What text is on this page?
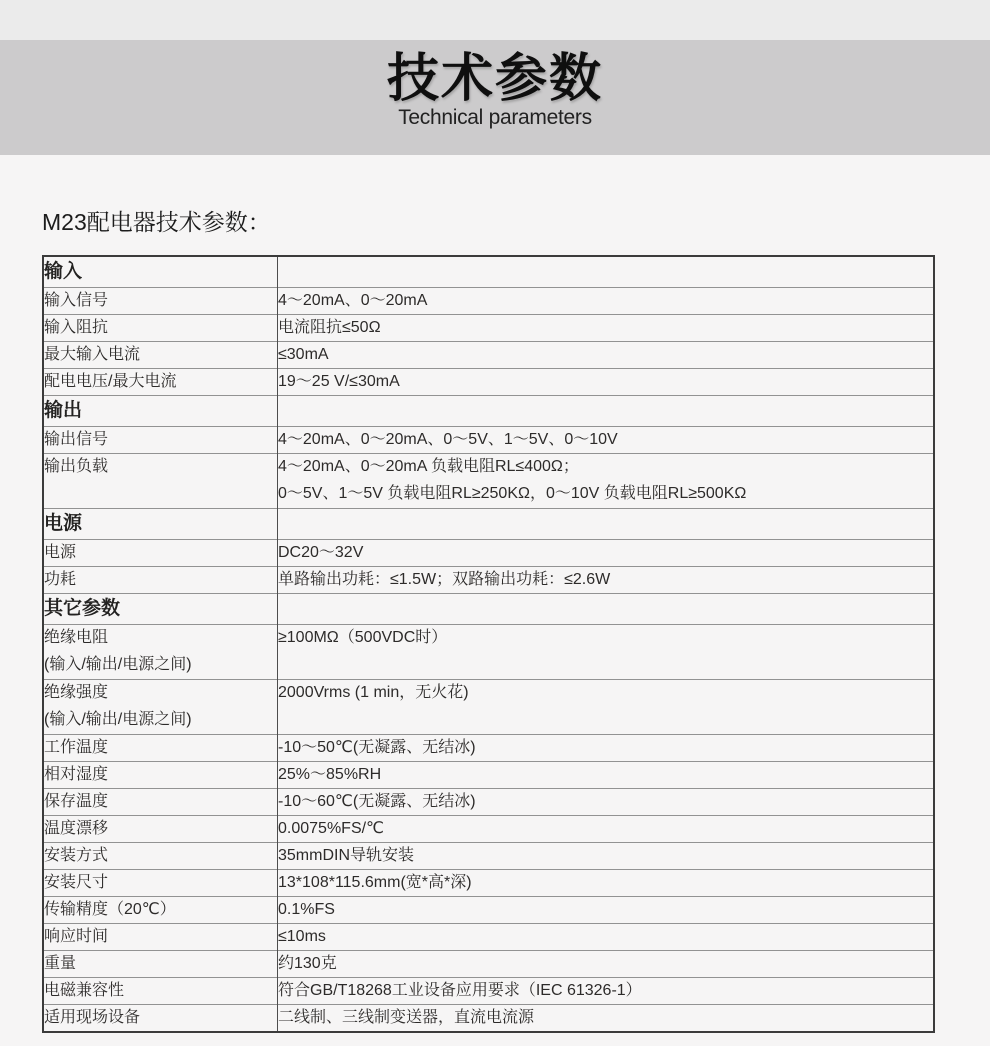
技术参数
Technical parameters
M23配电器技术参数：
输入	
输入信号	4～20mA、0～20mA
输入阻抗	电流阻抗≤50Ω
最大输入电流	≤30mA
配电电压/最大电流	19～25 V/≤30mA
输出	
输出信号	4～20mA、0～20mA、0～5V、1～5V、0～10V

输出负载	4～20mA、0～20mA 负载电阻RL≤400Ω；
0～5V、1～5V 负载电阻RL≥250KΩ，0～10V 负载电阻RL≥500KΩ

电源	
电源	DC20～32V
功耗	单路输出功耗：≤1.5W；双路输出功耗：≤2.6W
其它参数	

绝缘电阻
(输入/输出/电源之间)	≥100MΩ（500VDC时）

绝缘强度
(输入/输出/电源之间)	2000Vrms (1 min，无火花)

工作温度	-10～50℃(无凝露、无结冰)
相对湿度	25%～85%RH
保存温度	-10～60℃(无凝露、无结冰)
温度漂移	0.0075%FS/℃
安装方式	35mmDIN导轨安装
安装尺寸	13*108*115.6mm(宽*高*深)
传输精度（20℃）	0.1%FS
响应时间	≤10ms
重量	约130克
电磁兼容性	符合GB/T18268工业设备应用要求（IEC 61326-1）
适用现场设备	二线制、三线制变送器，直流电流源
